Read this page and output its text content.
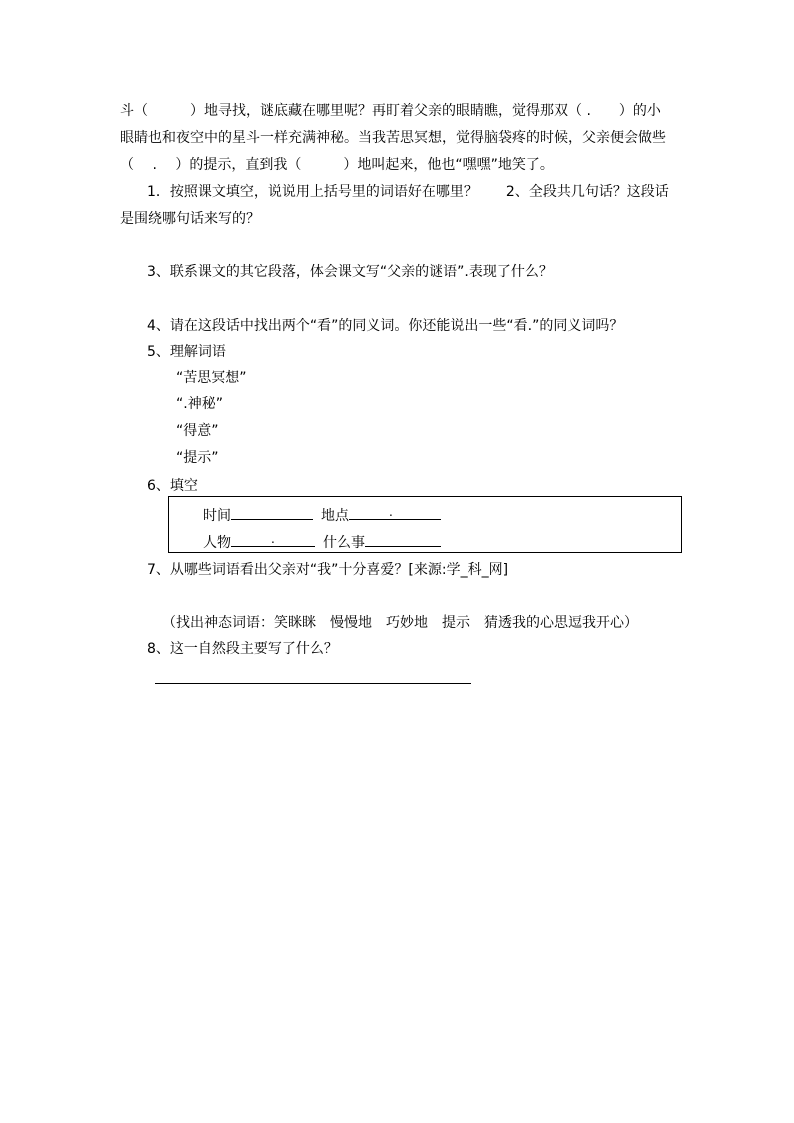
斗（　　　）地寻找，谜底藏在哪里呢？再盯着父亲的眼睛瞧，觉得那双（ .　　）的小
眼睛也和夜空中的星斗一样充满神秘。当我苦思冥想，觉得脑袋疼的时候，父亲便会做些
（　 .　 ）的提示，直到我（　　　）地叫起来，他也“嘿嘿”地笑了。
1．按照课文填空，说说用上括号里的词语好在哪里？　　2、全段共几句话？这段话
是围绕哪句话来写的？
3、联系课文的其它段落，体会课文写“父亲的谜语”.表现了什么？
4、请在这段话中找出两个“看”的同义词。你还能说出一些“看.”的同义词吗？
5、理解词语
“苦思冥想”
“.神秘”
“得意”
“提示”
6、填空
时间	地点	.
人物	.	什么事
7、从哪些词语看出父亲对“我”十分喜爱？[来源:学_科_网]
（找出神态词语：笑眯眯　慢慢地　巧妙地　提示　猜透我的心思逗我开心）
8、这一自然段主要写了什么？
